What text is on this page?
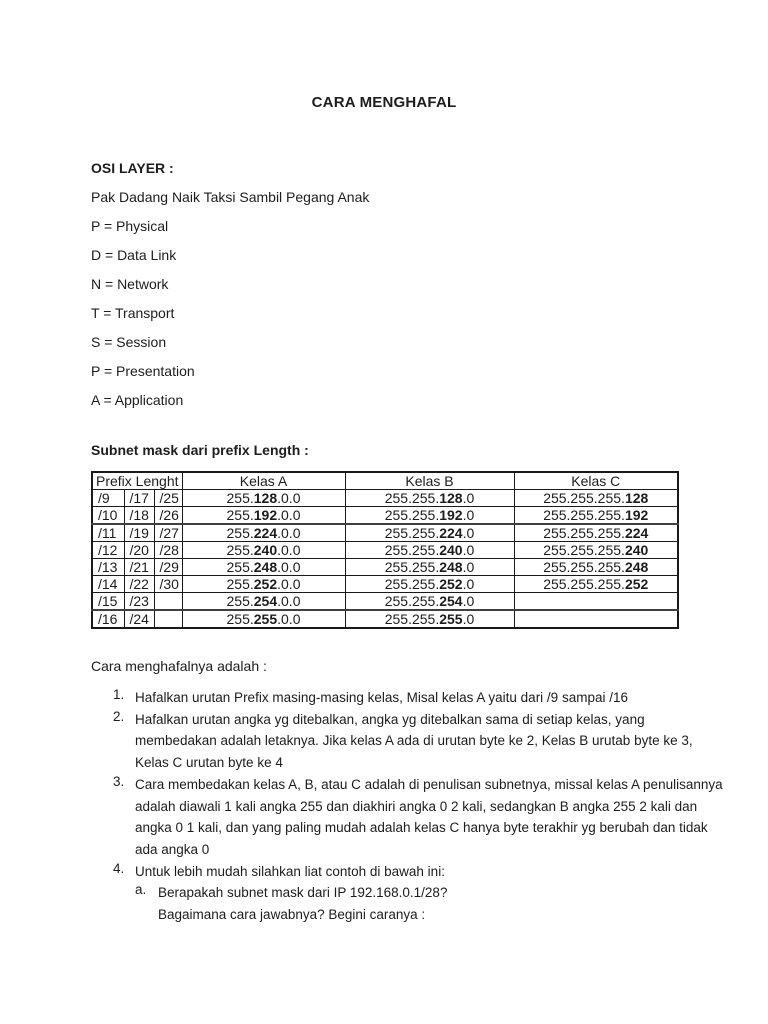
CARA MENGHAFAL
OSI LAYER :
Pak Dadang Naik Taksi Sambil Pegang Anak
P = Physical
D = Data Link
N = Network
T = Transport
S = Session
P = Presentation
A = Application
Subnet mask dari prefix Length :
Prefix Lenght			Kelas A	Kelas B	Kelas C
/9	/17	/25	255.128.0.0	255.255.128.0	255.255.255.128
/10	/18	/26	255.192.0.0	255.255.192.0	255.255.255.192
/11	/19	/27	255.224.0.0	255.255.224.0	255.255.255.224
/12	/20	/28	255.240.0.0	255.255.240.0	255.255.255.240
/13	/21	/29	255.248.0.0	255.255.248.0	255.255.255.248
/14	/22	/30	255.252.0.0	255.255.252.0	255.255.255.252
/15	/23		255.254.0.0	255.255.254.0	
/16	/24		255.255.0.0	255.255.255.0	
Cara menghafalnya adalah :
1. Hafalkan urutan Prefix masing-masing kelas, Misal kelas A yaitu dari /9 sampai /16
2. Hafalkan urutan angka yg ditebalkan, angka yg ditebalkan sama di setiap kelas, yang
membedakan adalah letaknya. Jika kelas A ada di urutan byte ke 2, Kelas B urutab byte ke 3,
Kelas C urutan byte ke 4
3. Cara membedakan kelas A, B, atau C adalah di penulisan subnetnya, missal kelas A penulisannya
adalah diawali 1 kali angka 255 dan diakhiri angka 0 2 kali, sedangkan B angka 255 2 kali dan
angka 0 1 kali, dan yang paling mudah adalah kelas C hanya byte terakhir yg berubah dan tidak
ada angka 0
4. Untuk lebih mudah silahkan liat contoh di bawah ini:
a. Berapakah subnet mask dari IP 192.168.0.1/28?
Bagaimana cara jawabnya? Begini caranya :
